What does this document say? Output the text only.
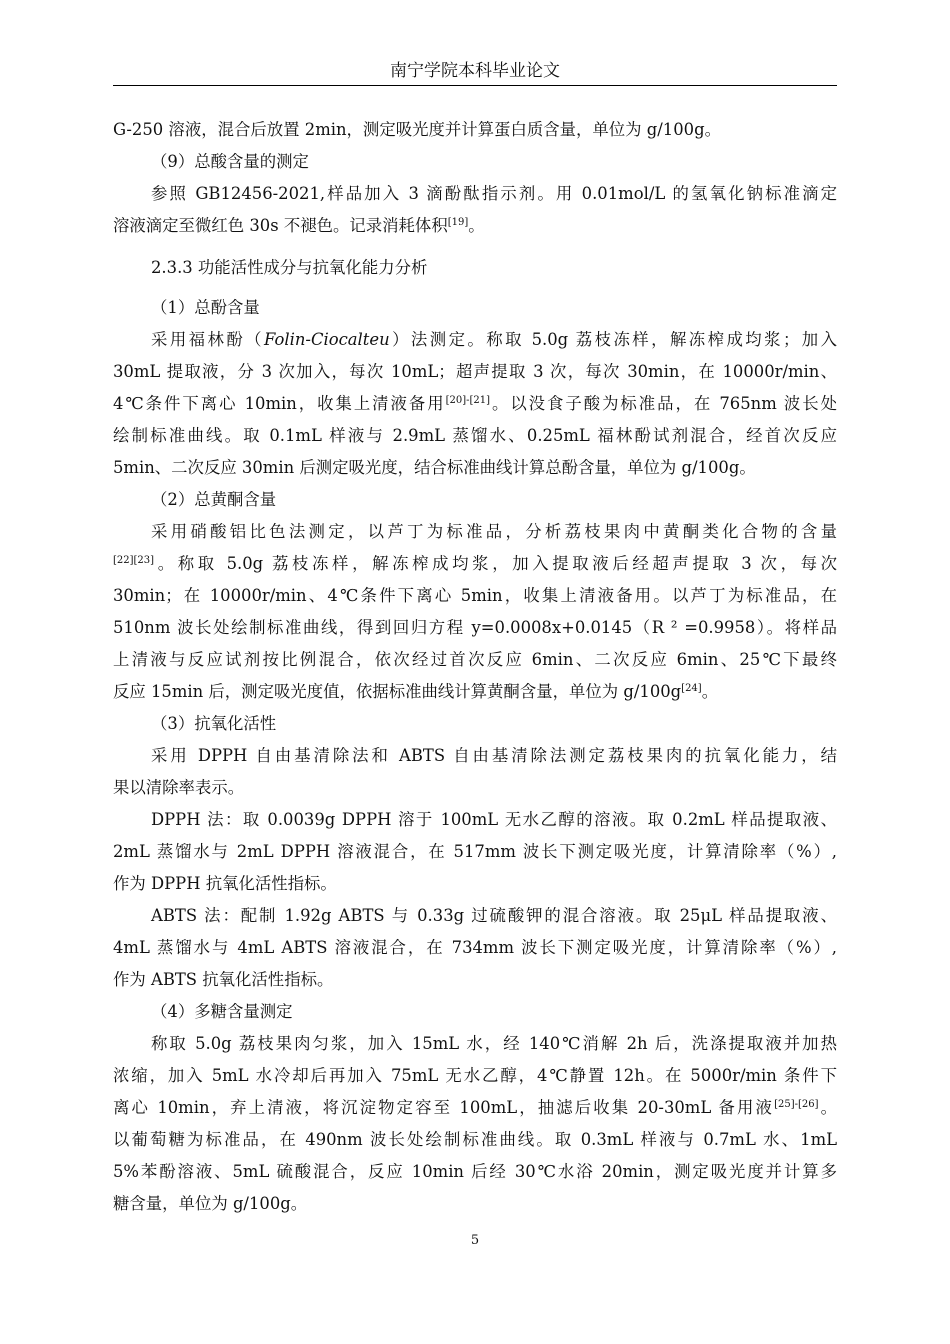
南宁学院本科毕业论文
G-250 溶液，混合后放置 2min，测定吸光度并计算蛋白质含量，单位为 g/100g。
（9）总酸含量的测定
参照 GB12456-2021,样品加入 3 滴酚酞指示剂。用 0.01mol/L 的氢氧化钠标准滴定
溶液滴定至微红色 30s 不褪色。记录消耗体积[19]。
2.3.3 功能活性成分与抗氧化能力分析
（1）总酚含量
采用福林酚（Folin-Ciocalteu）法测定。称取 5.0g 荔枝冻样，解冻榨成均浆；加入
30mL 提取液，分 3 次加入，每次 10mL；超声提取 3 次，每次 30min，在 10000r/min、
4℃条件下离心 10min，收集上清液备用[20]-[21]。以没食子酸为标准品，在 765nm 波长处
绘制标准曲线。取 0.1mL 样液与 2.9mL 蒸馏水、0.25mL 福林酚试剂混合，经首次反应
5min、二次反应 30min 后测定吸光度，结合标准曲线计算总酚含量，单位为 g/100g。
（2）总黄酮含量
采用硝酸铝比色法测定，以芦丁为标准品，分析荔枝果肉中黄酮类化合物的含量
[22][23]。称取 5.0g 荔枝冻样，解冻榨成均浆，加入提取液后经超声提取 3 次，每次
30min；在 10000r/min、4℃条件下离心 5min，收集上清液备用。以芦丁为标准品，在
510nm 波长处绘制标准曲线，得到回归方程 y=0.0008x+0.0145（R ² =0.9958）。将样品
上清液与反应试剂按比例混合，依次经过首次反应 6min、二次反应 6min、25℃下最终
反应 15min 后，测定吸光度值，依据标准曲线计算黄酮含量，单位为 g/100g[24]。
（3）抗氧化活性
采用 DPPH 自由基清除法和 ABTS 自由基清除法测定荔枝果肉的抗氧化能力，结
果以清除率表示。
DPPH 法：取 0.0039g DPPH 溶于 100mL 无水乙醇的溶液。取 0.2mL 样品提取液、
2mL 蒸馏水与 2mL DPPH 溶液混合，在 517mm 波长下测定吸光度，计算清除率（%）,
作为 DPPH 抗氧化活性指标。
ABTS 法：配制 1.92g ABTS 与 0.33g 过硫酸钾的混合溶液。取 25μL 样品提取液、
4mL 蒸馏水与 4mL ABTS 溶液混合，在 734mm 波长下测定吸光度，计算清除率（%）,
作为 ABTS 抗氧化活性指标。
（4）多糖含量测定
称取 5.0g 荔枝果肉匀浆，加入 15mL 水，经 140℃消解 2h 后，洗涤提取液并加热
浓缩，加入 5mL 水冷却后再加入 75mL 无水乙醇，4℃静置 12h。在 5000r/min 条件下
离心 10min，弃上清液，将沉淀物定容至 100mL，抽滤后收集 20-30mL 备用液[25]-[26]。
以葡萄糖为标准品，在 490nm 波长处绘制标准曲线。取 0.3mL 样液与 0.7mL 水、1mL
5%苯酚溶液、5mL 硫酸混合，反应 10min 后经 30℃水浴 20min，测定吸光度并计算多
糖含量，单位为 g/100g。
5
